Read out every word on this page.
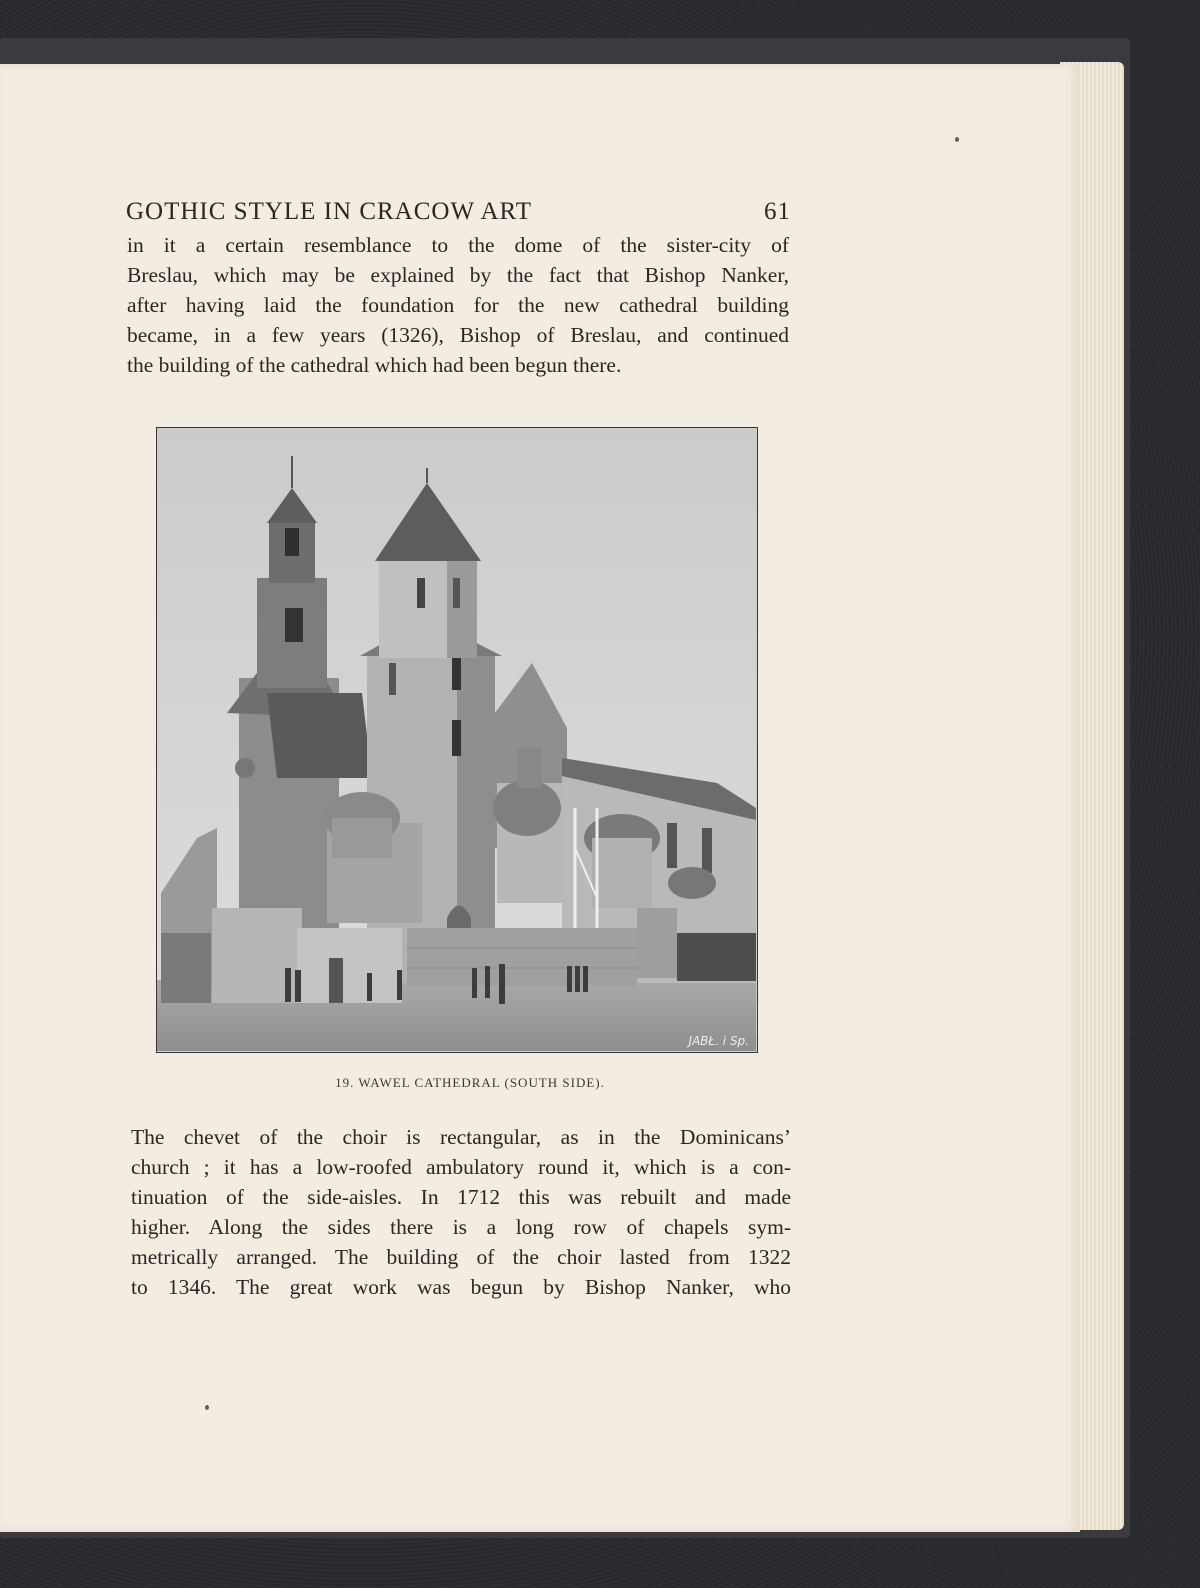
GOTHIC STYLE IN CRACOW ART	61
in it a certain resemblance to the dome of the sister-city of
Breslau, which may be explained by the fact that Bishop Nanker,
after having laid the foundation for the new cathedral building
became, in a few years (1326), Bishop of Breslau, and continued
the building of the cathedral which had been begun there.
JABŁ. i Sp.
19. WAWEL CATHEDRAL (SOUTH SIDE).
The chevet of the choir is rectangular, as in the Dominicans’
church ; it has a low-roofed ambulatory round it, which is a con-
tinuation of the side-aisles. In 1712 this was rebuilt and made
higher. Along the sides there is a long row of chapels sym-
metrically arranged. The building of the choir lasted from 1322
to 1346. The great work was begun by Bishop Nanker, who
